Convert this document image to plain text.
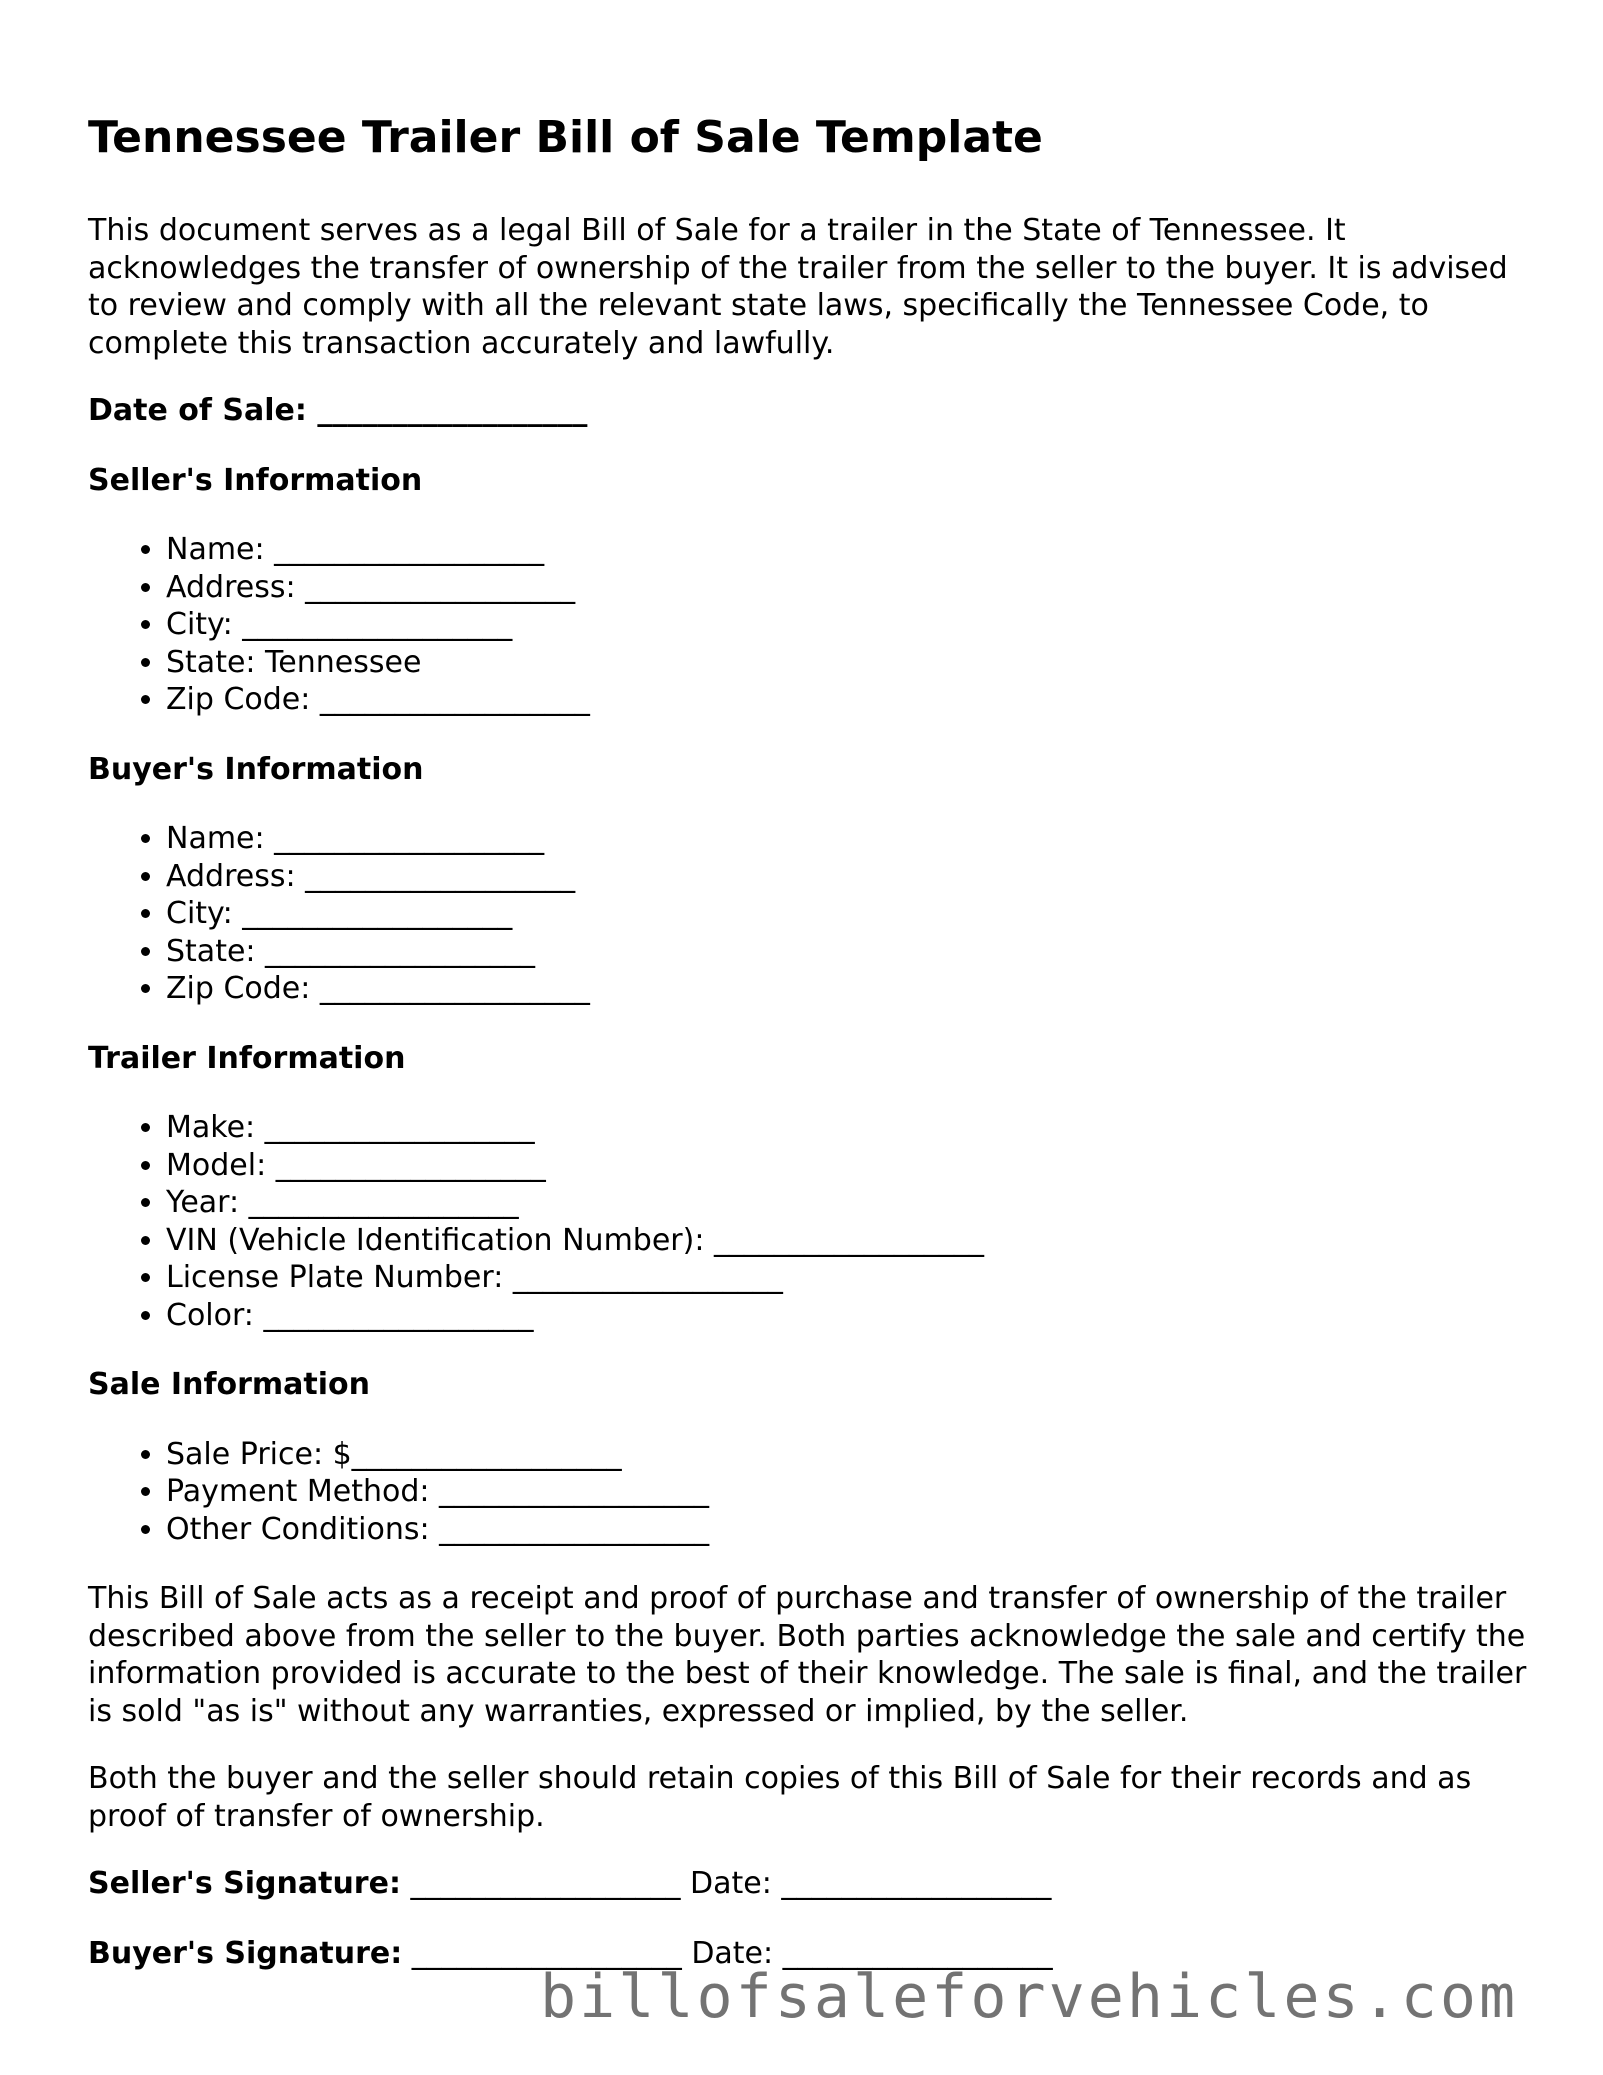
Tennessee Trailer Bill of Sale Template

This document serves as a legal Bill of Sale for a trailer in the State of Tennessee. It acknowledges the transfer of ownership of the trailer from the seller to the buyer. It is advised to review and comply with all the relevant state laws, specifically the Tennessee Code, to complete this transaction accurately and lawfully.

Date of Sale: __________________
Seller's Information
• Name: __________________
• Address: __________________
• City: __________________
• State: Tennessee
• Zip Code: __________________
Buyer's Information
• Name: __________________
• Address: __________________
• City: __________________
• State: __________________
• Zip Code: __________________
Trailer Information
• Make: __________________
• Model: __________________
• Year: __________________
• VIN (Vehicle Identification Number): __________________
• License Plate Number: __________________
• Color: __________________
Sale Information
• Sale Price: $__________________
• Payment Method: __________________
• Other Conditions: __________________

This Bill of Sale acts as a receipt and proof of purchase and transfer of ownership of the trailer described above from the seller to the buyer. Both parties acknowledge the sale and certify the information provided is accurate to the best of their knowledge. The sale is final, and the trailer is sold "as is" without any warranties, expressed or implied, by the seller.

Both the buyer and the seller should retain copies of this Bill of Sale for their records and as proof of transfer of ownership.

Seller's Signature: __________________ Date: __________________
Buyer's Signature: __________________ Date: __________________
billofsaleforvehicles.com
